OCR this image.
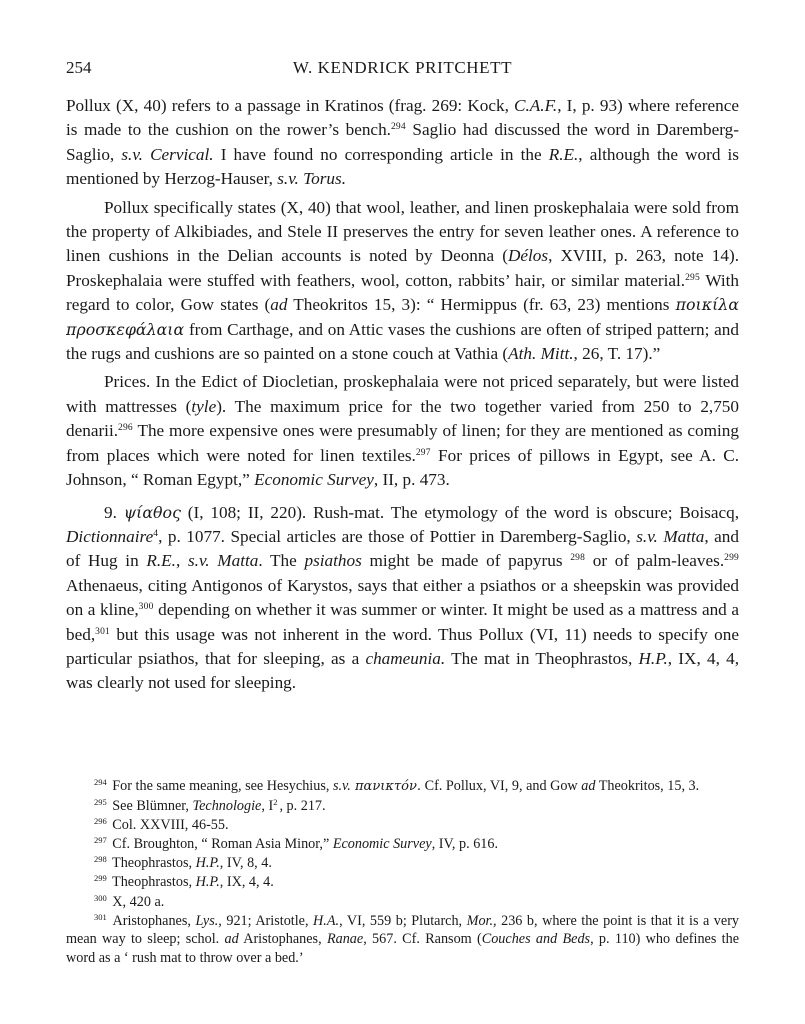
254	W. KENDRICK PRITCHETT

Pollux (X, 40) refers to a passage in Kratinos (frag. 269: Kock, C.A.F., I, p. 93) where reference is made to the cushion on the rower’s bench.$^{294}$ Saglio had discussed the word in Daremberg-Saglio, s.v. Cervical. I have found no corresponding article in the R.E., although the word is mentioned by Herzog-Hauser, s.v. Torus.

Pollux specifically states (X, 40) that wool, leather, and linen proskephalaia were sold from the property of Alkibiades, and Stele II preserves the entry for seven leather ones. A reference to linen cushions in the Delian accounts is noted by Deonna (Délos, XVIII, p. 263, note 14). Proskephalaia were stuffed with feathers, wool, cotton, rabbits’ hair, or similar material.$^{295}$ With regard to color, Gow states (ad Theokritos 15, 3): “ Hermippus (fr. 63, 23) mentions ποικίλα προσκεφάλαια from Carthage, and on Attic vases the cushions are often of striped pattern; and the rugs and cushions are so painted on a stone couch at Vathia (Ath. Mitt., 26, T. 17).”

Prices. In the Edict of Diocletian, proskephalaia were not priced separately, but were listed with mattresses (tyle). The maximum price for the two together varied from 250 to 2,750 denarii.$^{296}$ The more expensive ones were presumably of linen; for they are mentioned as coming from places which were noted for linen textiles.$^{297}$ For prices of pillows in Egypt, see A. C. Johnson, “ Roman Egypt,” Economic Survey, II, p. 473.

9. ψίαθος (I, 108; II, 220). Rush-mat. The etymology of the word is obscure; Boisacq, Dictionnaire$^4$, p. 1077. Special articles are those of Pottier in Daremberg-Saglio, s.v. Matta, and of Hug in R.E., s.v. Matta. The psiathos might be made of papyrus $^{298}$ or of palm-leaves.$^{299}$ Athenaeus, citing Antigonos of Karystos, says that either a psiathos or a sheepskin was provided on a kline,$^{300}$ depending on whether it was summer or winter. It might be used as a mattress and a bed,$^{301}$ but this usage was not inherent in the word. Thus Pollux (VI, 11) needs to specify one particular psiathos, that for sleeping, as a chameunia. The mat in Theophrastos, H.P., IX, 4, 4, was clearly not used for sleeping.

$^{294}$ For the same meaning, see Hesychius, s.v. πανικτόν. Cf. Pollux, VI, 9, and Gow ad Theokritos, 15, 3.

$^{295}$ See Blümner, Technologie, I$^2$ , p. 217.

$^{296}$ Col. XXVIII, 46-55.

$^{297}$ Cf. Broughton, “ Roman Asia Minor,” Economic Survey, IV, p. 616.

$^{298}$ Theophrastos, H.P., IV, 8, 4.

$^{299}$ Theophrastos, H.P., IX, 4, 4.

$^{300}$ X, 420 a.

$^{301}$ Aristophanes, Lys., 921; Aristotle, H.A., VI, 559 b; Plutarch, Mor., 236 b, where the point is that it is a very mean way to sleep; schol. ad Aristophanes, Ranae, 567. Cf. Ransom (Couches and Beds, p. 110) who defines the word as a ‘ rush mat to throw over a bed.’
